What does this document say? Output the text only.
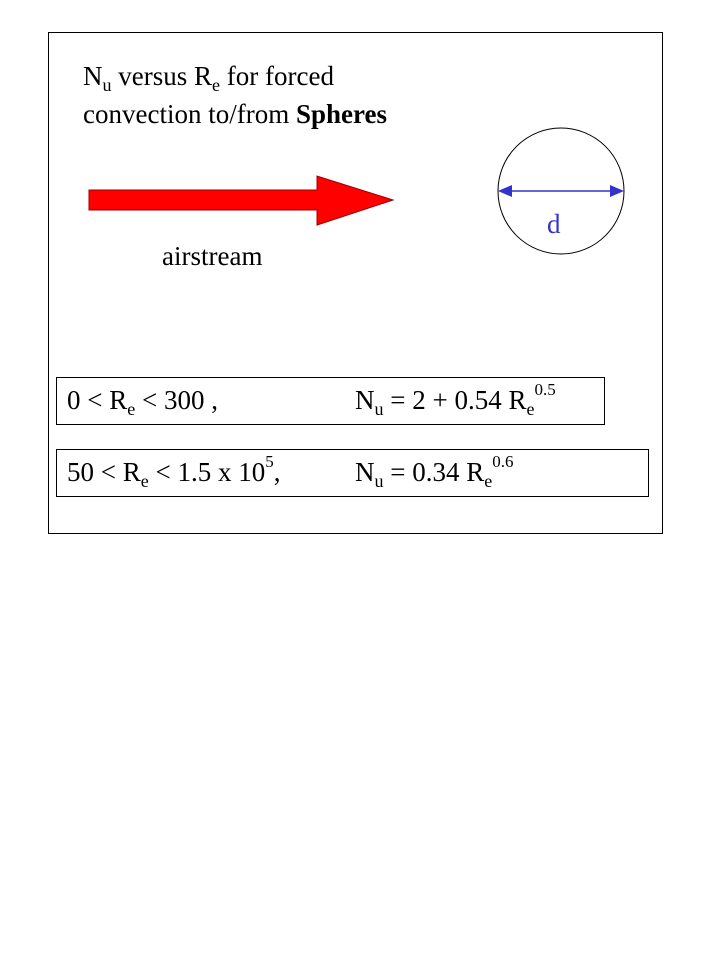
$N_u$ versus $R_e$ for forced
convection to/from Spheres
airstream
d
$0 < R_e < 300$ ,	$N_u = 2 + 0.54$ $R_e^{0.5}$
$50 < R_e < 1.5$ x $10^5$,	$N_u = 0.34$ $R_e^{0.6}$
